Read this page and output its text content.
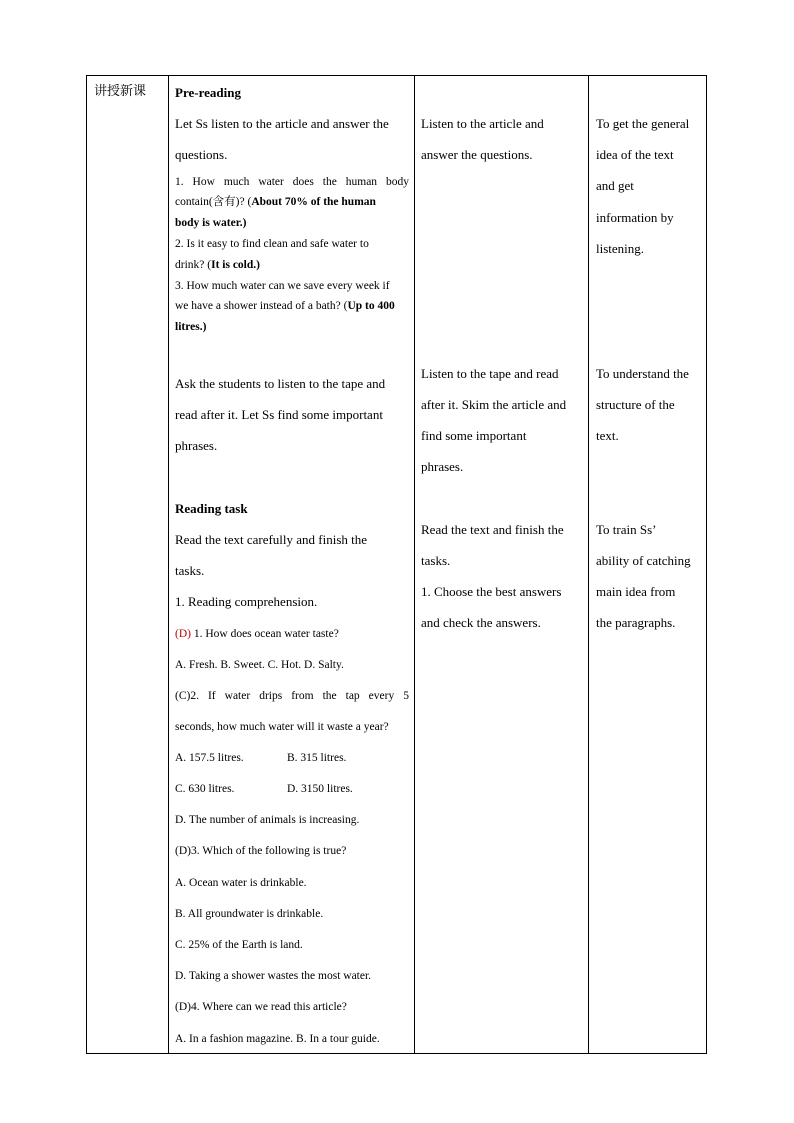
讲授新课 Pre-reading
Let Ss listen to the article and answer the
questions.
1. How much water does the human body
contain(含有)? (About 70% of the human
body is water.)
2. Is it easy to find clean and safe water to
drink? (It is cold.)
3. How much water can we save every week if
we have a shower instead of a bath? (Up to 400
litres.)
Ask the students to listen to the tape and
read after it. Let Ss find some important
phrases.
Reading task
Read the text carefully and finish the
tasks.
1. Reading comprehension.
(D) 1. How does ocean water taste?
A. Fresh. B. Sweet. C. Hot. D. Salty.
(C)2. If water drips from the tap every 5
seconds, how much water will it waste a year?
A. 157.5 litres.	B. 315 litres.
C. 630 litres.	D. 3150 litres.
D. The number of animals is increasing.
(D)3. Which of the following is true?
A. Ocean water is drinkable.
B. All groundwater is drinkable.
C. 25% of the Earth is land.
D. Taking a shower wastes the most water.
(D)4. Where can we read this article?
A. In a fashion magazine. B. In a tour guide.
Listen to the article and
answer the questions.
Listen to the tape and read
after it. Skim the article and
find some important
phrases.
Read the text and finish the
tasks.
1. Choose the best answers
and check the answers.
To get the general
idea of the text
and get
information by
listening.
To understand the
structure of the
text.
To train Ss’
ability of catching
main idea from
the paragraphs.
